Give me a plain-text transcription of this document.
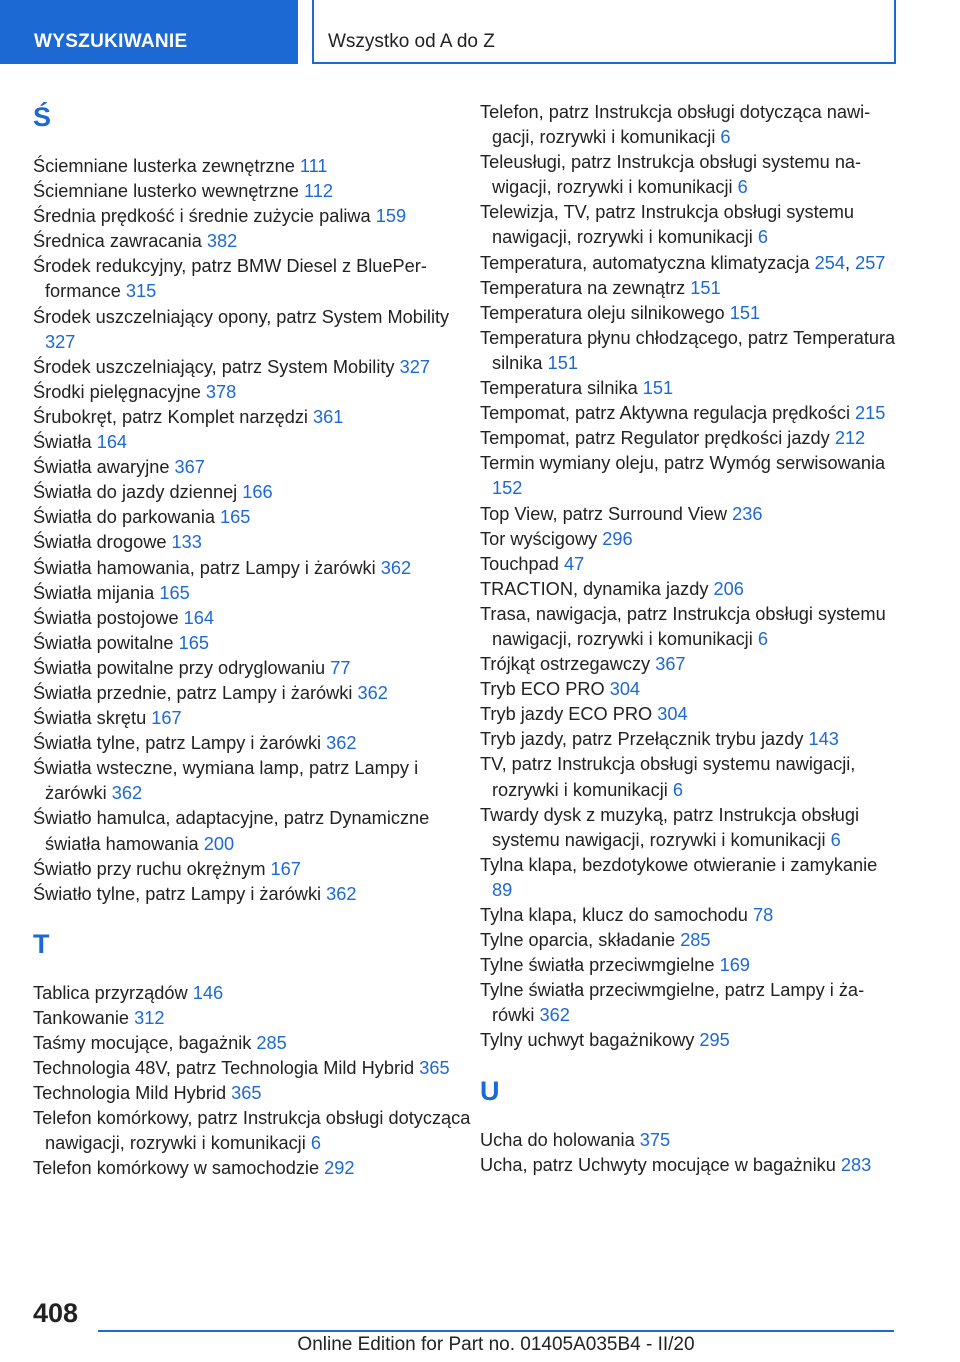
WYSZUKIWANIE	Wszystko od A do Z
Ś

Ściemniane lusterka zewnętrzne 111

Ściemniane lusterko wewnętrzne 112

Średnia prędkość i średnie zużycie paliwa 159

Średnica zawracania 382

Środek redukcyjny, patrz BMW Diesel z BluePerformance 315

Środek uszczelniający opony, patrz System Mobility 327

Środek uszczelniający, patrz System Mobility 327

Środki pielęgnacyjne 378

Śrubokręt, patrz Komplet narzędzi 361

Światła 164

Światła awaryjne 367

Światła do jazdy dziennej 166

Światła do parkowania 165

Światła drogowe 133

Światła hamowania, patrz Lampy i żarówki 362

Światła mijania 165

Światła postojowe 164

Światła powitalne 165

Światła powitalne przy odryglowaniu 77

Światła przednie, patrz Lampy i żarówki 362

Światła skrętu 167

Światła tylne, patrz Lampy i żarówki 362

Światła wsteczne, wymiana lamp, patrz Lampy i żarówki 362

Światło hamulca, adaptacyjne, patrz Dynamiczne światła hamowania 200

Światło przy ruchu okrężnym 167

Światło tylne, patrz Lampy i żarówki 362

T

Tablica przyrządów 146

Tankowanie 312

Taśmy mocujące, bagażnik 285

Technologia 48V, patrz Technologia Mild Hybrid 365

Technologia Mild Hybrid 365

Telefon komórkowy, patrz Instrukcja obsługi dotycząca nawigacji, rozrywki i komunikacji 6

Telefon komórkowy w samochodzie 292

Telefon, patrz Instrukcja obsługi dotycząca nawigacji, rozrywki i komunikacji 6

Teleusługi, patrz Instrukcja obsługi systemu nawigacji, rozrywki i komunikacji 6

Telewizja, TV, patrz Instrukcja obsługi systemu nawigacji, rozrywki i komunikacji 6

Temperatura, automatyczna klimatyzacja 254, 257

Temperatura na zewnątrz 151

Temperatura oleju silnikowego 151

Temperatura płynu chłodzącego, patrz Temperatura silnika 151

Temperatura silnika 151

Tempomat, patrz Aktywna regulacja prędkości 215

Tempomat, patrz Regulator prędkości jazdy 212

Termin wymiany oleju, patrz Wymóg serwisowania 152

Top View, patrz Surround View 236

Tor wyścigowy 296

Touchpad 47

TRACTION, dynamika jazdy 206

Trasa, nawigacja, patrz Instrukcja obsługi systemu nawigacji, rozrywki i komunikacji 6

Trójkąt ostrzegawczy 367

Tryb ECO PRO 304

Tryb jazdy ECO PRO 304

Tryb jazdy, patrz Przełącznik trybu jazdy 143

TV, patrz Instrukcja obsługi systemu nawigacji, rozrywki i komunikacji 6

Twardy dysk z muzyką, patrz Instrukcja obsługi systemu nawigacji, rozrywki i komunikacji 6

Tylna klapa, bezdotykowe otwieranie i zamykanie 89

Tylna klapa, klucz do samochodu 78

Tylne oparcia, składanie 285

Tylne światła przeciwmgielne 169

Tylne światła przeciwmgielne, patrz Lampy i żarówki 362

Tylny uchwyt bagażnikowy 295

U

Ucha do holowania 375

Ucha, patrz Uchwyty mocujące w bagażniku 283

408
Online Edition for Part no. 01405A035B4 - II/20
